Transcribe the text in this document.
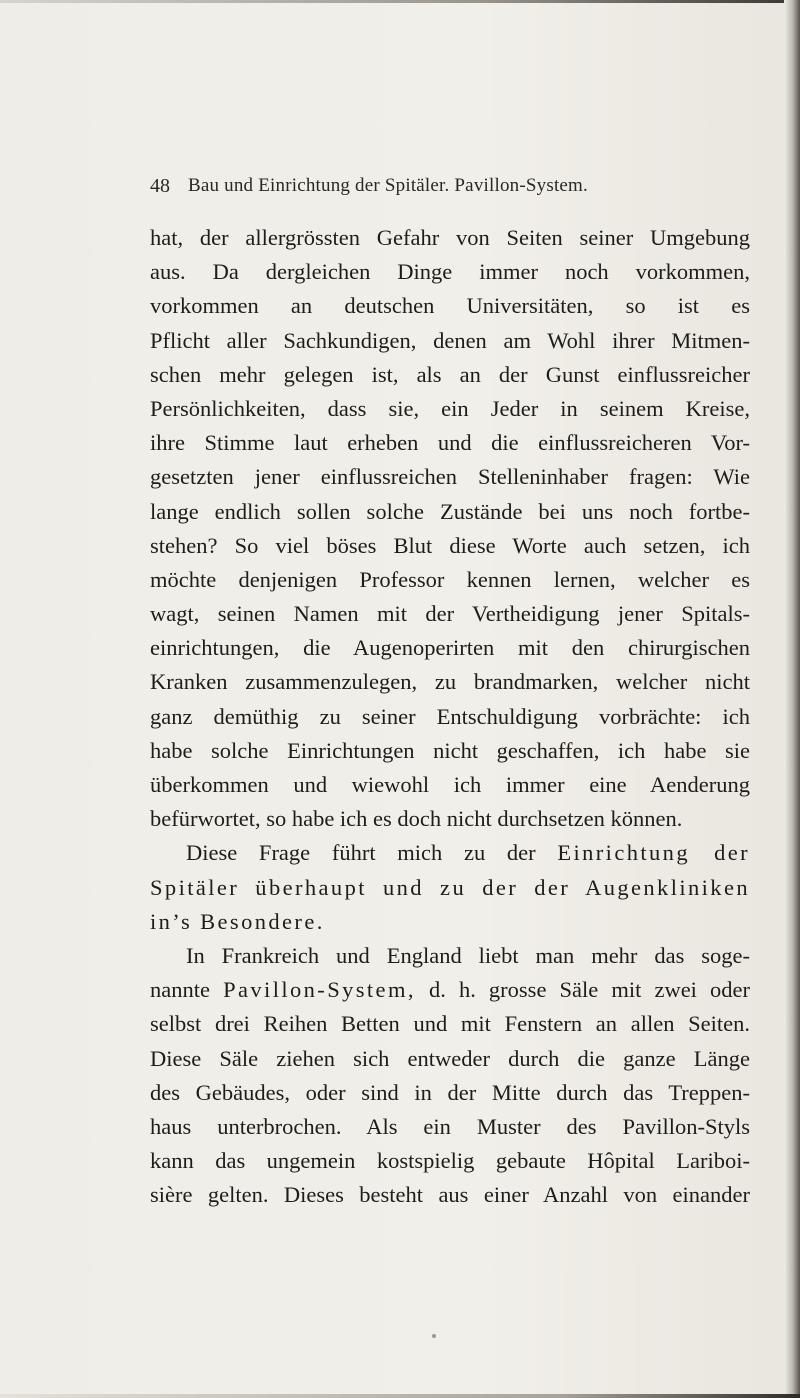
48 Bau und Einrichtung der Spitäler. Pavillon-System.
hat, der allergrössten Gefahr von Seiten seiner Umgebung
aus. Da dergleichen Dinge immer noch vorkommen,
vorkommen an deutschen Universitäten, so ist es
Pflicht aller Sachkundigen, denen am Wohl ihrer Mitmen-
schen mehr gelegen ist, als an der Gunst einflussreicher
Persönlichkeiten, dass sie, ein Jeder in seinem Kreise,
ihre Stimme laut erheben und die einflussreicheren Vor-
gesetzten jener einflussreichen Stelleninhaber fragen: Wie
lange endlich sollen solche Zustände bei uns noch fortbe-
stehen? So viel böses Blut diese Worte auch setzen, ich
möchte denjenigen Professor kennen lernen, welcher es
wagt, seinen Namen mit der Vertheidigung jener Spitals-
einrichtungen, die Augenoperirten mit den chirurgischen
Kranken zusammenzulegen, zu brandmarken, welcher nicht
ganz demüthig zu seiner Entschuldigung vorbrächte: ich
habe solche Einrichtungen nicht geschaffen, ich habe sie
überkommen und wiewohl ich immer eine Aenderung
befürwortet, so habe ich es doch nicht durchsetzen können.
Diese Frage führt mich zu der Einrichtung der
Spitäler überhaupt und zu der der Augenkliniken
in’s Besondere.
In Frankreich und England liebt man mehr das soge-
nannte Pavillon-System, d. h. grosse Säle mit zwei oder
selbst drei Reihen Betten und mit Fenstern an allen Seiten.
Diese Säle ziehen sich entweder durch die ganze Länge
des Gebäudes, oder sind in der Mitte durch das Treppen-
haus unterbrochen. Als ein Muster des Pavillon-Styls
kann das ungemein kostspielig gebaute Hôpital Lariboi-
sière gelten. Dieses besteht aus einer Anzahl von einander
